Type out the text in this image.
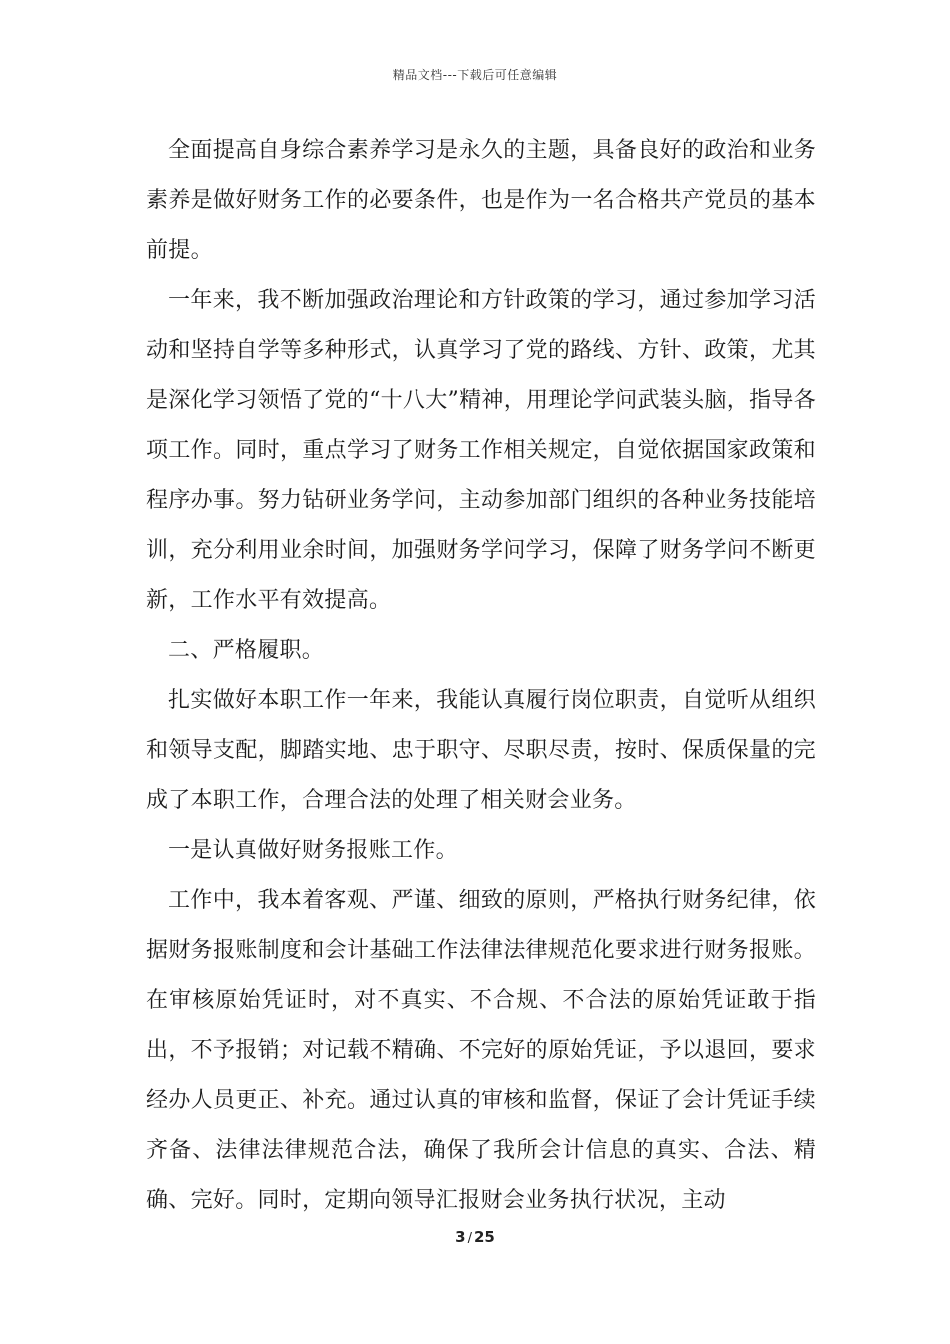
精品文档---下载后可任意编辑

全面提高自身综合素养学习是永久的主题，具备良好的政治和业务素养是做好财务工作的必要条件，也是作为一名合格共产党员的基本前提。

一年来，我不断加强政治理论和方针政策的学习，通过参加学习活动和坚持自学等多种形式，认真学习了党的路线、方针、政策，尤其是深化学习领悟了党的“十八大”精神，用理论学问武装头脑，指导各项工作。同时，重点学习了财务工作相关规定，自觉依据国家政策和程序办事。努力钻研业务学问，主动参加部门组织的各种业务技能培训，充分利用业余时间，加强财务学问学习，保障了财务学问不断更新，工作水平有效提高。

二、严格履职。

扎实做好本职工作一年来，我能认真履行岗位职责，自觉听从组织和领导支配，脚踏实地、忠于职守、尽职尽责，按时、保质保量的完成了本职工作，合理合法的处理了相关财会业务。

一是认真做好财务报账工作。

工作中，我本着客观、严谨、细致的原则，严格执行财务纪律，依据财务报账制度和会计基础工作法律法律规范化要求进行财务报账。在审核原始凭证时，对不真实、不合规、不合法的原始凭证敢于指出，不予报销；对记载不精确、不完好的原始凭证，予以退回，要求经办人员更正、补充。通过认真的审核和监督，保证了会计凭证手续齐备、法律法律规范合法，确保了我所会计信息的真实、合法、精确、完好。同时，定期向领导汇报财会业务执行状况，主动

3 / 25
